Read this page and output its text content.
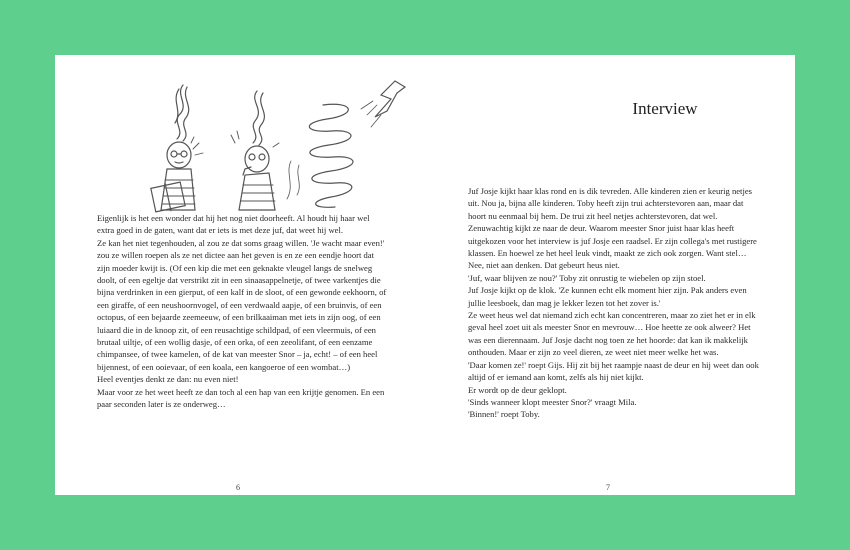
Eigenlijk is het een wonder dat hij het nog niet doorheeft. Al houdt hij haar wel extra goed in de gaten, want dat er iets is met deze juf, dat weet hij wel.

Ze kan het niet tegenhouden, al zou ze dat soms graag willen. 'Je wacht maar even!' zou ze willen roepen als ze net dictee aan het geven is en ze een eendje hoort dat zijn moeder kwijt is. (Of een kip die met een geknakte vleugel langs de snelweg doolt, of een egeltje dat verstrikt zit in een sinaasappelnetje, of twee varkentjes die bijna verdrinken in een gierput, of een kalf in de sloot, of een gewonde eekhoorn, of een giraffe, of een neushoornvogel, of een verdwaald aapje, of een bruinvis, of een octopus, of een bejaarde zeemeeuw, of een brilkaaiman met iets in zijn oog, of een luiaard die in de knoop zit, of een reusachtige schildpad, of een vleermuis, of een brutaal uiltje, of een wollig dasje, of een orka, of een zeeolifant, of een eenzame chimpansee, of twee kamelen, of de kat van meester Snor – ja, echt! – of een heel bijennest, of een ooievaar, of een koala, een kangoeroe of een wombat…)

Heel eventjes denkt ze dan: nu even niet!

Maar voor ze het weet heeft ze dan toch al een hap van een krijtje genomen. En een paar seconden later is ze onderweg…

6
Interview

Juf Josje kijkt haar klas rond en is dik tevreden. Alle kinderen zien er keurig netjes uit. Nou ja, bijna alle kinderen. Toby heeft zijn trui achterstevoren aan, maar dat hoort nu eenmaal bij hem. De trui zit heel netjes achterstevoren, dat wel.

Zenuwachtig kijkt ze naar de deur. Waarom meester Snor juist haar klas heeft uitgekozen voor het interview is juf Josje een raadsel. Er zijn collega's met rustigere klassen. En hoewel ze het heel leuk vindt, maakt ze zich ook zorgen. Want stel… Nee, niet aan denken. Dat gebeurt heus niet.

'Juf, waar blijven ze nou?' Toby zit onrustig te wiebelen op zijn stoel.

Juf Josje kijkt op de klok. 'Ze kunnen echt elk moment hier zijn. Pak anders even jullie leesboek, dan mag je lekker lezen tot het zover is.'

Ze weet heus wel dat niemand zich echt kan concentreren, maar zo ziet het er in elk geval heel zoet uit als meester Snor en mevrouw… Hoe heette ze ook alweer? Het was een dierennaam. Juf Josje dacht nog toen ze het hoorde: dat kan ik makkelijk onthouden. Maar er zijn zo veel dieren, ze weet niet meer welke het was.

'Daar komen ze!' roept Gijs. Hij zit bij het raampje naast de deur en hij weet dan ook altijd of er iemand aan komt, zelfs als hij niet kijkt.

Er wordt op de deur geklopt.

'Sinds wanneer klopt meester Snor?' vraagt Mila.

'Binnen!' roept Toby.

7
